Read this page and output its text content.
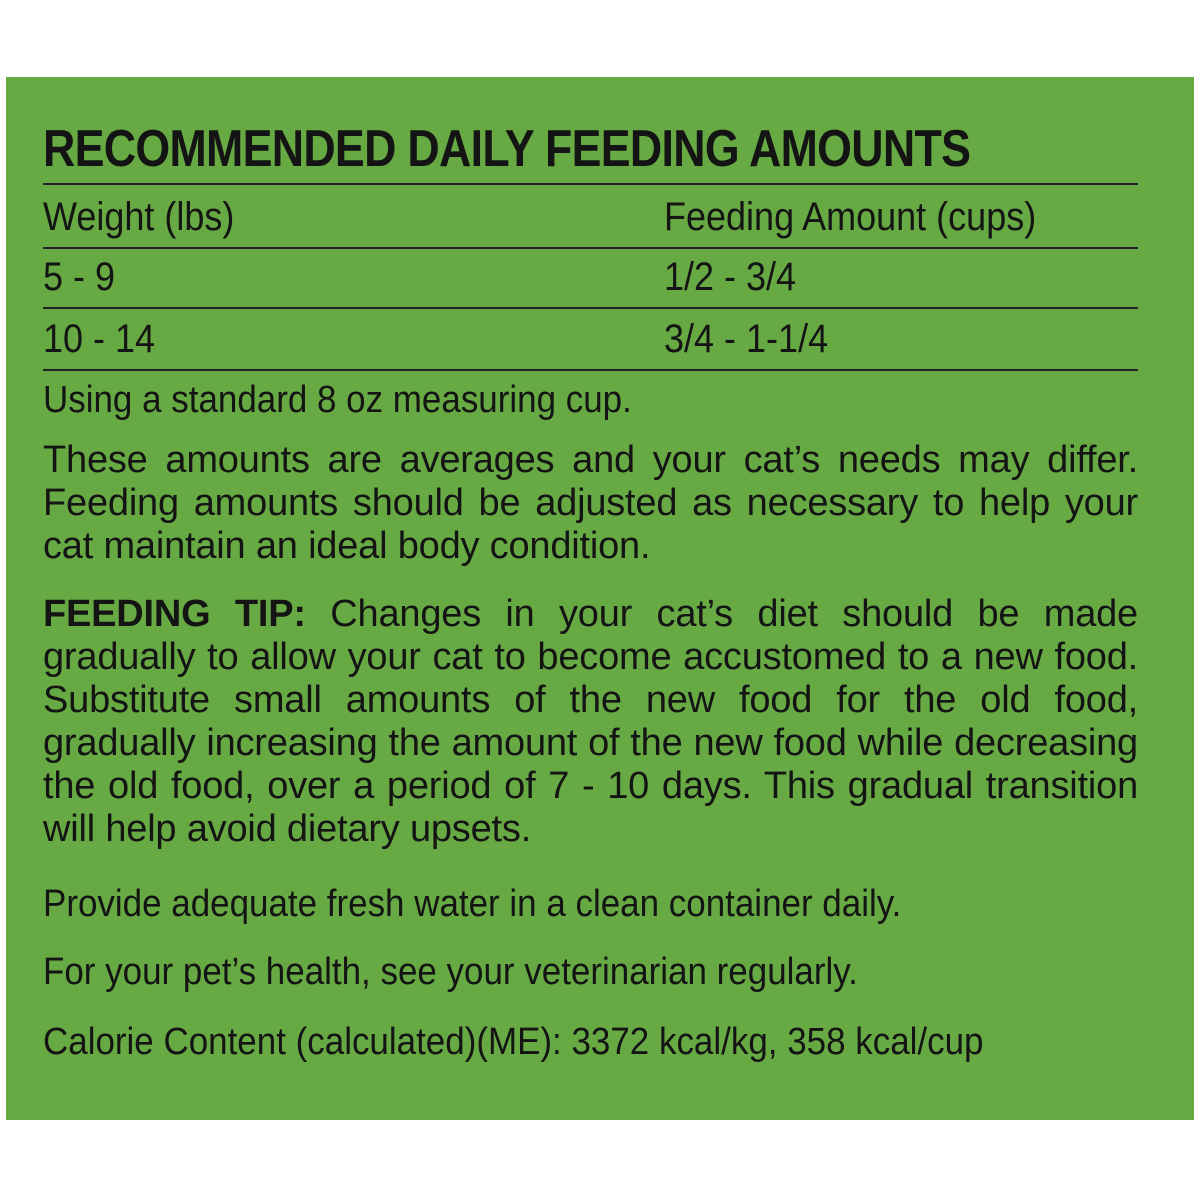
RECOMMENDED DAILY FEEDING AMOUNTS
Weight (lbs)	Feeding Amount (cups)
5 - 9	1/2 - 3/4
10 - 14	3/4 - 1-1/4
Using a standard 8 oz measuring cup.
These amounts are averages and your cat’s needs may differ. Feeding amounts should be adjusted as necessary to help your cat maintain an ideal body condition.
FEEDING TIP: Changes in your cat’s diet should be made gradually to allow your cat to become accustomed to a new food. Substitute small amounts of the new food for the old food, gradually increasing the amount of the new food while decreasing the old food, over a period of 7 - 10 days. This gradual transition will help avoid dietary upsets.
Provide adequate fresh water in a clean container daily.
For your pet’s health, see your veterinarian regularly.
Calorie Content (calculated)(ME): 3372 kcal/kg, 358 kcal/cup
